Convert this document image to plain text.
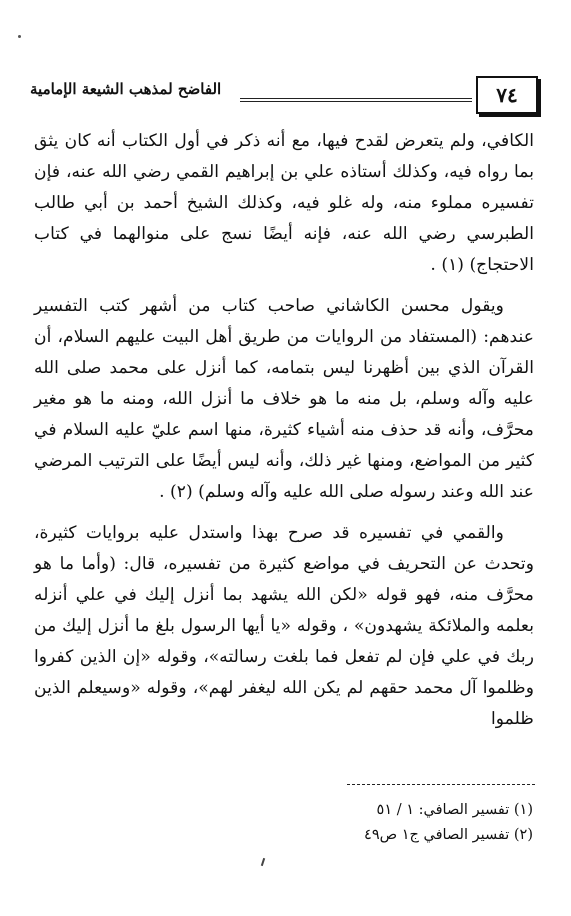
الفاضح لمذهب الشيعة الإمامية	٧٤

الكافي، ولم يتعرض لقدح فيها، مع أنه ذكر في أول الكتاب أنه كان يثق بما رواه فيه، وكذلك أستاذه علي بن إبراهيم القمي رضي الله عنه، فإن تفسيره مملوء منه، وله غلو فيه، وكذلك الشيخ أحمد بن أبي طالب الطبرسي رضي الله عنه، فإنه أيضًا نسج على منوالهما في كتاب الاحتجاج) (١) .

ويقول محسن الكاشاني صاحب كتاب من أشهر كتب التفسير عندهم: (المستفاد من الروايات من طريق أهل البيت عليهم السلام، أن القرآن الذي بين أظهرنا ليس بتمامه، كما أنزل على محمد صلى الله عليه وآله وسلم، بل منه ما هو خلاف ما أنزل الله، ومنه ما هو مغير محرَّف، وأنه قد حذف منه أشياء كثيرة، منها اسم عليّ عليه السلام في كثير من المواضع، ومنها غير ذلك، وأنه ليس أيضًا على الترتيب المرضي عند الله وعند رسوله صلى الله عليه وآله وسلم) (٢) .

والقمي في تفسيره قد صرح بهذا واستدل عليه بروايات كثيرة، وتحدث عن التحريف في مواضع كثيرة من تفسيره، قال: (وأما ما هو محرَّف منه، فهو قوله «لكن الله يشهد بما أنزل إليك في علي أنزله بعلمه والملائكة يشهدون» ، وقوله «يا أيها الرسول بلغ ما أنزل إليك من ربك في علي فإن لم تفعل فما بلغت رسالته»، وقوله «إن الذين كفروا وظلموا آل محمد حقهم لم يكن الله ليغفر لهم»، وقوله «وسيعلم الذين ظلموا

(١) تفسير الصافي: ١ / ٥١
(٢) تفسير الصافي ج١ ص٤٩
